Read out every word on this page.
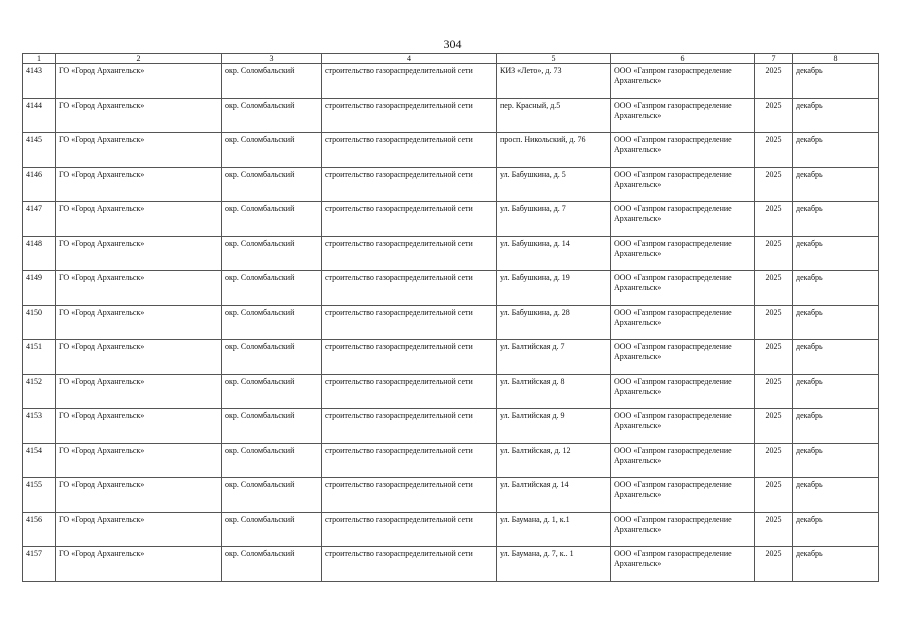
304
1	2	3	4	5	6	7	8
4143	ГО «Город Архангельск»	окр. Соломбальский	строительство газораспределительной сети	КИЗ «Лето», д. 73	ООО «Газпром газораспределение Архангельск»	2025	декабрь
4144	ГО «Город Архангельск»	окр. Соломбальский	строительство газораспределительной сети	пер. Красный, д.5	ООО «Газпром газораспределение Архангельск»	2025	декабрь
4145	ГО «Город Архангельск»	окр. Соломбальский	строительство газораспределительной сети	просп. Никольский, д. 76	ООО «Газпром газораспределение Архангельск»	2025	декабрь
4146	ГО «Город Архангельск»	окр. Соломбальский	строительство газораспределительной сети	ул. Бабушкина, д. 5	ООО «Газпром газораспределение Архангельск»	2025	декабрь
4147	ГО «Город Архангельск»	окр. Соломбальский	строительство газораспределительной сети	ул. Бабушкина, д. 7	ООО «Газпром газораспределение Архангельск»	2025	декабрь
4148	ГО «Город Архангельск»	окр. Соломбальский	строительство газораспределительной сети	ул. Бабушкина, д. 14	ООО «Газпром газораспределение Архангельск»	2025	декабрь
4149	ГО «Город Архангельск»	окр. Соломбальский	строительство газораспределительной сети	ул. Бабушкина, д. 19	ООО «Газпром газораспределение Архангельск»	2025	декабрь
4150	ГО «Город Архангельск»	окр. Соломбальский	строительство газораспределительной сети	ул. Бабушкина, д. 28	ООО «Газпром газораспределение Архангельск»	2025	декабрь
4151	ГО «Город Архангельск»	окр. Соломбальский	строительство газораспределительной сети	ул. Балтийская д. 7	ООО «Газпром газораспределение Архангельск»	2025	декабрь
4152	ГО «Город Архангельск»	окр. Соломбальский	строительство газораспределительной сети	ул. Балтийская д. 8	ООО «Газпром газораспределение Архангельск»	2025	декабрь
4153	ГО «Город Архангельск»	окр. Соломбальский	строительство газораспределительной сети	ул. Балтийская д. 9	ООО «Газпром газораспределение Архангельск»	2025	декабрь
4154	ГО «Город Архангельск»	окр. Соломбальский	строительство газораспределительной сети	ул. Балтийская, д. 12	ООО «Газпром газораспределение Архангельск»	2025	декабрь
4155	ГО «Город Архангельск»	окр. Соломбальский	строительство газораспределительной сети	ул. Балтийская д. 14	ООО «Газпром газораспределение Архангельск»	2025	декабрь
4156	ГО «Город Архангельск»	окр. Соломбальский	строительство газораспределительной сети	ул. Баумана, д. 1, к.1	ООО «Газпром газораспределение Архангельск»	2025	декабрь
4157	ГО «Город Архангельск»	окр. Соломбальский	строительство газораспределительной сети	ул. Баумана, д. 7, к.. 1	ООО «Газпром газораспределение Архангельск»	2025	декабрь
